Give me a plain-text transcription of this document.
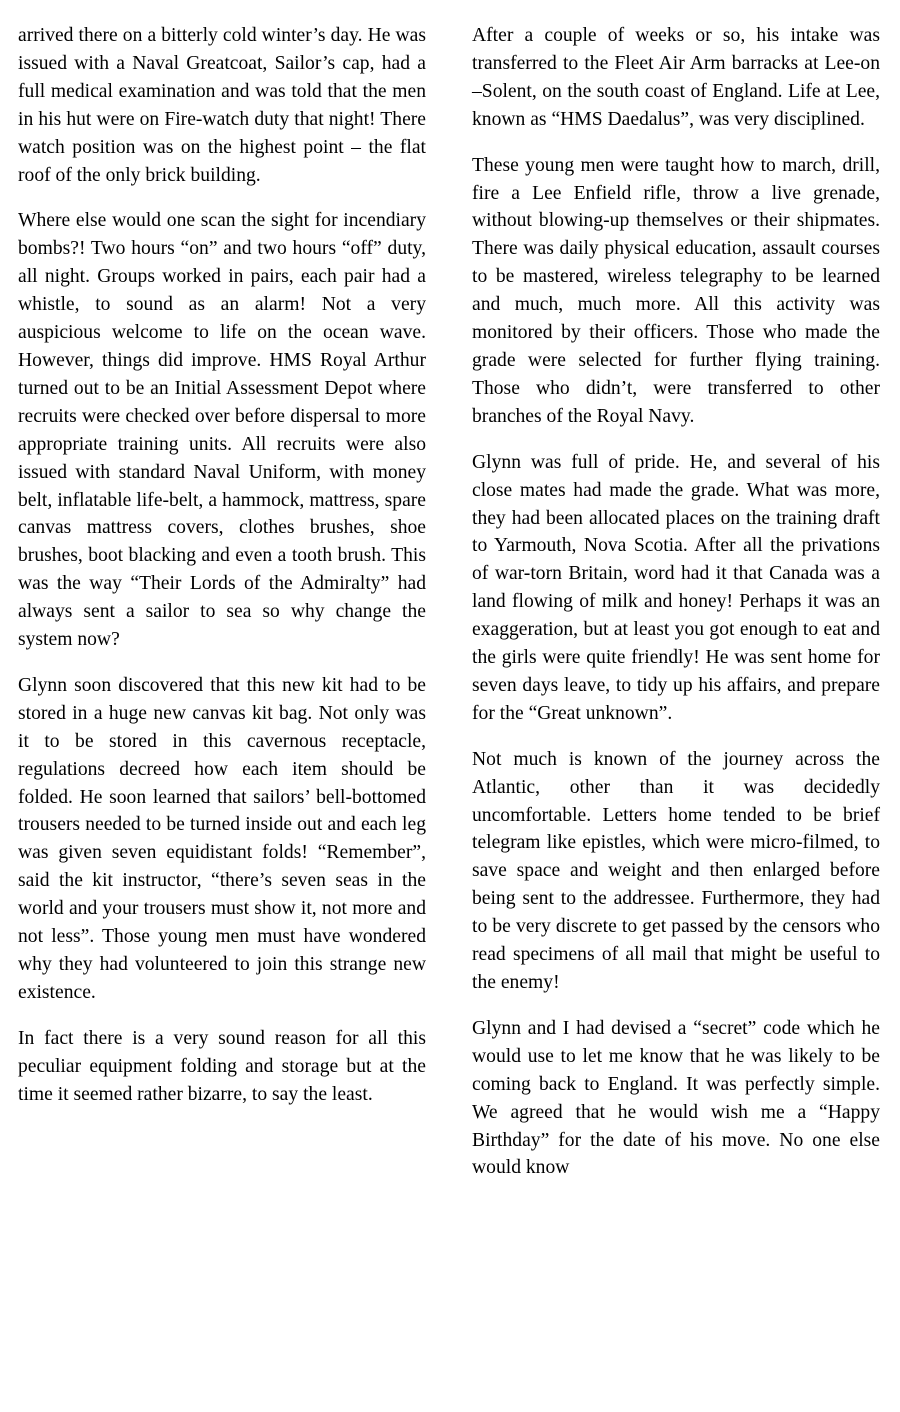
arrived there on a bitterly cold winter’s day. He was issued with a Naval Greatcoat, Sailor’s cap, had a full medical examination and was told that the men in his hut were on Fire-watch duty that night! There watch position was on the highest point – the flat roof of the only brick building.

Where else would one scan the sight for incendiary bombs?! Two hours “on” and two hours “off” duty, all night. Groups worked in pairs, each pair had a whistle, to sound as an alarm! Not a very auspicious welcome to life on the ocean wave. However, things did improve. HMS Royal Arthur turned out to be an Initial Assessment Depot where recruits were checked over before dispersal to more appropriate training units. All recruits were also issued with standard Naval Uniform, with money belt, inflatable life-belt, a hammock, mattress, spare canvas mattress covers, clothes brushes, shoe brushes, boot blacking and even a tooth brush. This was the way “Their Lords of the Admiralty” had always sent a sailor to sea so why change the system now?

Glynn soon discovered that this new kit had to be stored in a huge new canvas kit bag. Not only was it to be stored in this cavernous receptacle, regulations decreed how each item should be folded. He soon learned that sailors’ bell-bottomed trousers needed to be turned inside out and each leg was given seven equidistant folds! “Remember”, said the kit instructor, “there’s seven seas in the world and your trousers must show it, not more and not less”. Those young men must have wondered why they had volunteered to join this strange new existence.

In fact there is a very sound reason for all this peculiar equipment folding and storage but at the time it seemed rather bizarre, to say the least.

After a couple of weeks or so, his intake was transferred to the Fleet Air Arm barracks at Lee-on –Solent, on the south coast of England. Life at Lee, known as “HMS Daedalus”, was very disciplined.

These young men were taught how to march, drill, fire a Lee Enfield rifle, throw a live grenade, without blowing-up themselves or their shipmates. There was daily physical education, assault courses to be mastered, wireless telegraphy to be learned and much, much more. All this activity was monitored by their officers. Those who made the grade were selected for further flying training. Those who didn’t, were transferred to other branches of the Royal Navy.

Glynn was full of pride. He, and several of his close mates had made the grade. What was more, they had been allocated places on the training draft to Yarmouth, Nova Scotia. After all the privations of war-torn Britain, word had it that Canada was a land flowing of milk and honey! Perhaps it was an exaggeration, but at least you got enough to eat and the girls were quite friendly! He was sent home for seven days leave, to tidy up his affairs, and prepare for the “Great unknown”.

Not much is known of the journey across the Atlantic, other than it was decidedly uncomfortable. Letters home tended to be brief telegram like epistles, which were micro-filmed, to save space and weight and then enlarged before being sent to the addressee. Furthermore, they had to be very discrete to get passed by the censors who read specimens of all mail that might be useful to the enemy!

Glynn and I had devised a “secret” code which he would use to let me know that he was likely to be coming back to England. It was perfectly simple. We agreed that he would wish me a “Happy Birthday” for the date of his move. No one else would know
